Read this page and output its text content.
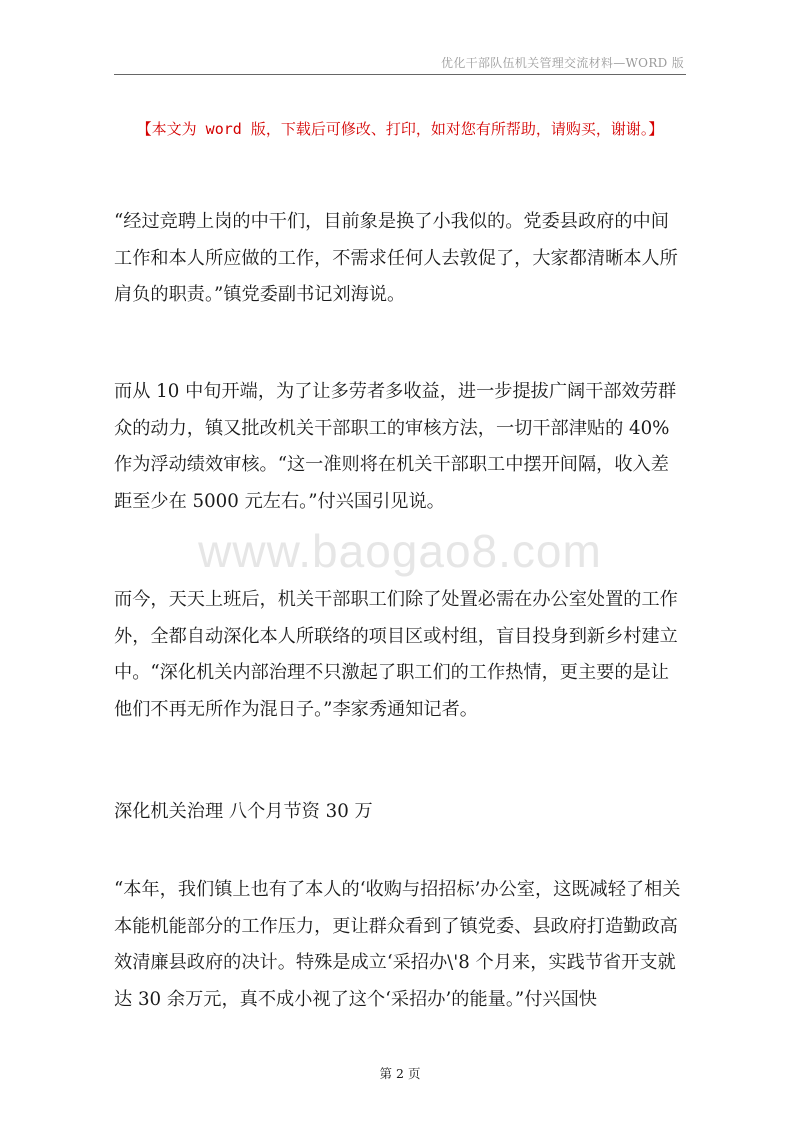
优化干部队伍机关管理交流材料—WORD 版
【本文为 word 版，下载后可修改、打印，如对您有所帮助，请购买，谢谢。】

“经过竞聘上岗的中干们，目前象是换了小我似的。党委县政府的中间工作和本人所应做的工作，不需求任何人去敦促了，大家都清晰本人所肩负的职责。”镇党委副书记刘海说。

而从 10 中旬开端，为了让多劳者多收益，进一步提拔广阔干部效劳群众的动力，镇又批改机关干部职工的审核方法，一切干部津贴的 40%作为浮动绩效审核。“这一准则将在机关干部职工中摆开间隔，收入差距至少在 5000 元左右。”付兴国引见说。

www.baogao8.com

而今，天天上班后，机关干部职工们除了处置必需在办公室处置的工作外，全都自动深化本人所联络的项目区或村组，盲目投身到新乡村建立中。“深化机关内部治理不只激起了职工们的工作热情，更主要的是让他们不再无所作为混日子。”李家秀通知记者。

深化机关治理 八个月节资 30 万

“本年，我们镇上也有了本人的‘收购与招招标’办公室，这既减轻了相关本能机能部分的工作压力，更让群众看到了镇党委、县政府打造勤政高效清廉县政府的决计。特殊是成立‘采招办\'8 个月来，实践节省开支就达 30 余万元，真不成小视了这个‘采招办’的能量。”付兴国快

第 2 页
